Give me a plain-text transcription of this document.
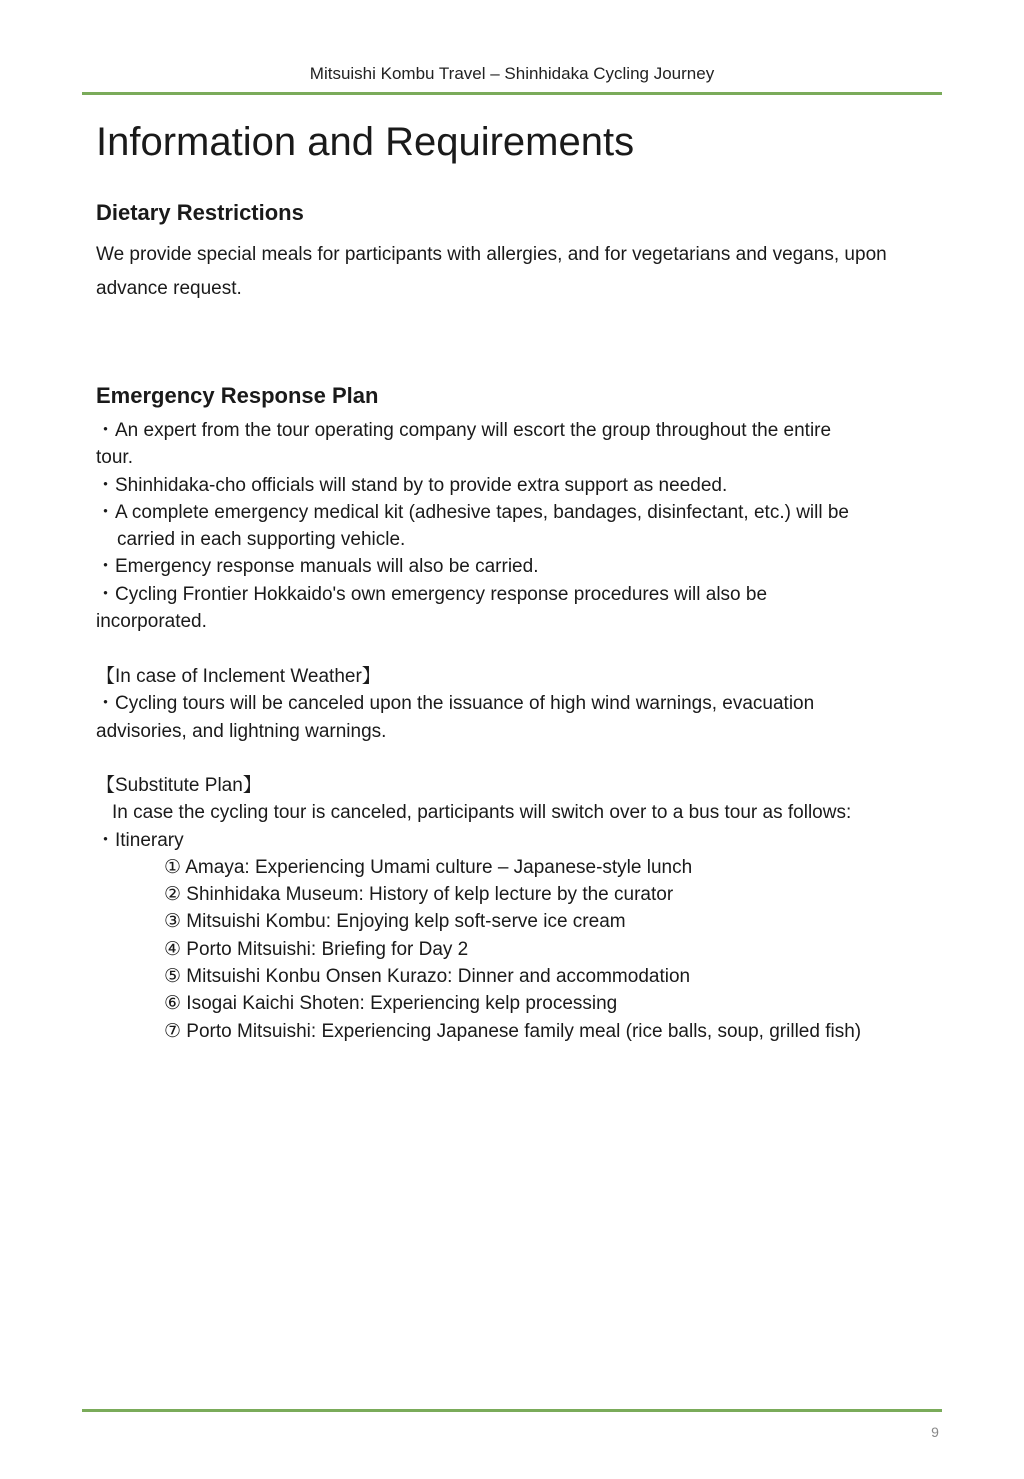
Mitsuishi Kombu Travel – Shinhidaka Cycling Journey
Information and Requirements
Dietary Restrictions

We provide special meals for participants with allergies, and for vegetarians and vegans, upon advance request.

Emergency Response Plan
・An expert from the tour operating company will escort the group throughout the entire
tour.
・Shinhidaka-cho officials will stand by to provide extra support as needed.
・A complete emergency medical kit (adhesive tapes, bandages, disinfectant, etc.) will be
carried in each supporting vehicle.
・Emergency response manuals will also be carried.
・Cycling Frontier Hokkaido's own emergency response procedures will also be
incorporated.
【In case of Inclement Weather】
・Cycling tours will be canceled upon the issuance of high wind warnings, evacuation
advisories, and lightning warnings.
【Substitute Plan】
In case the cycling tour is canceled, participants will switch over to a bus tour as follows:
・Itinerary
① Amaya: Experiencing Umami culture – Japanese-style lunch
② Shinhidaka Museum: History of kelp lecture by the curator
③ Mitsuishi Kombu: Enjoying kelp soft-serve ice cream
④ Porto Mitsuishi: Briefing for Day 2
⑤ Mitsuishi Konbu Onsen Kurazo: Dinner and accommodation
⑥ Isogai Kaichi Shoten: Experiencing kelp processing
⑦ Porto Mitsuishi: Experiencing Japanese family meal (rice balls, soup, grilled fish)
9
